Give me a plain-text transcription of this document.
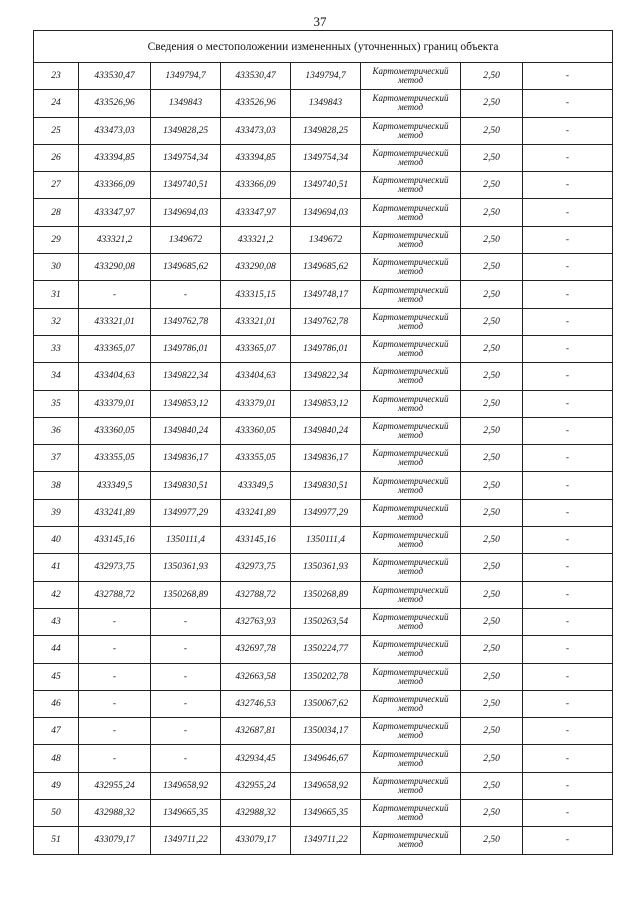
37
Сведения о местоположении измененных (уточненных) границ объекта							
23	433530,47	1349794,7	433530,47	1349794,7	Картометрический метод	2,50	-
24	433526,96	1349843	433526,96	1349843	Картометрический метод	2,50	-
25	433473,03	1349828,25	433473,03	1349828,25	Картометрический метод	2,50	-
26	433394,85	1349754,34	433394,85	1349754,34	Картометрический метод	2,50	-
27	433366,09	1349740,51	433366,09	1349740,51	Картометрический метод	2,50	-
28	433347,97	1349694,03	433347,97	1349694,03	Картометрический метод	2,50	-
29	433321,2	1349672	433321,2	1349672	Картометрический метод	2,50	-
30	433290,08	1349685,62	433290,08	1349685,62	Картометрический метод	2,50	-
31	-	-	433315,15	1349748,17	Картометрический метод	2,50	-
32	433321,01	1349762,78	433321,01	1349762,78	Картометрический метод	2,50	-
33	433365,07	1349786,01	433365,07	1349786,01	Картометрический метод	2,50	-
34	433404,63	1349822,34	433404,63	1349822,34	Картометрический метод	2,50	-
35	433379,01	1349853,12	433379,01	1349853,12	Картометрический метод	2,50	-
36	433360,05	1349840,24	433360,05	1349840,24	Картометрический метод	2,50	-
37	433355,05	1349836,17	433355,05	1349836,17	Картометрический метод	2,50	-
38	433349,5	1349830,51	433349,5	1349830,51	Картометрический метод	2,50	-
39	433241,89	1349977,29	433241,89	1349977,29	Картометрический метод	2,50	-
40	433145,16	1350111,4	433145,16	1350111,4	Картометрический метод	2,50	-
41	432973,75	1350361,93	432973,75	1350361,93	Картометрический метод	2,50	-
42	432788,72	1350268,89	432788,72	1350268,89	Картометрический метод	2,50	-
43	-	-	432763,93	1350263,54	Картометрический метод	2,50	-
44	-	-	432697,78	1350224,77	Картометрический метод	2,50	-
45	-	-	432663,58	1350202,78	Картометрический метод	2,50	-
46	-	-	432746,53	1350067,62	Картометрический метод	2,50	-
47	-	-	432687,81	1350034,17	Картометрический метод	2,50	-
48	-	-	432934,45	1349646,67	Картометрический метод	2,50	-
49	432955,24	1349658,92	432955,24	1349658,92	Картометрический метод	2,50	-
50	432988,32	1349665,35	432988,32	1349665,35	Картометрический метод	2,50	-
51	433079,17	1349711,22	433079,17	1349711,22	Картометрический метод	2,50	-
